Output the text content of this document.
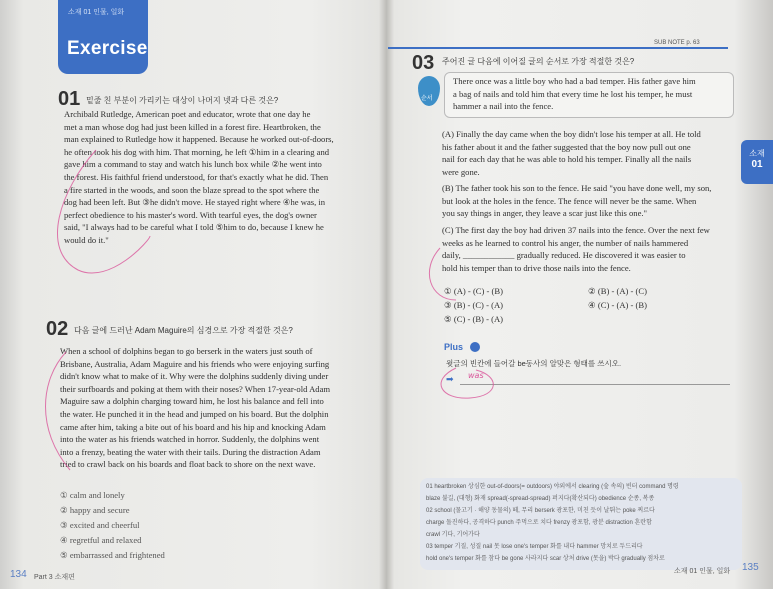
소재 01 인물, 일화
Exercise
01 밑줄 친 부분이 가리키는 대상이 나머지 넷과 다른 것은?
Archibald Rutledge, American poet and educator, wrote that one day he
met a man whose dog had just been killed in a forest fire. Heartbroken, the
man explained to Rutledge how it happened. Because he worked out-of-doors,
he often took his dog with him. That morning, he left ①him in a clearing and
gave him a command to stay and watch his lunch box while ②he went into
the forest. His faithful friend understood, for that's exactly what he did. Then
a fire started in the woods, and soon the blaze spread to the spot where the
dog had been left. But ③he didn't move. He stayed right where ④he was, in
perfect obedience to his master's word. With tearful eyes, the dog's owner
said, "I always had to be careful what I told ⑤him to do, because I knew he
would do it."
02 다음 글에 드러난 Adam Maguire의 심경으로 가장 적절한 것은?
When a school of dolphins began to go berserk in the waters just south of
Brisbane, Australia, Adam Maguire and his friends who were enjoying surfing
didn't know what to make of it. Why were the dolphins suddenly diving under
their surfboards and poking at them with their noses? When 17-year-old Adam
Maguire saw a dolphin charging toward him, he lost his balance and fell into
the water. He punched it in the head and jumped on his board. But the dolphin
came after him, taking a bite out of his board and his hip and knocking Adam
into the water as his friends watched in horror. Suddenly, the dolphins went
into a frenzy, beating the water with their tails. During the distraction Adam
tried to crawl back on his boards and float back to shore on the next wave.
① calm and lonely
② happy and secure
③ excited and cheerful
④ regretful and relaxed
⑤ embarrassed and frightened
134 Part 3 소재편
SUB NOTE p. 63
03 주어진 글 다음에 이어질 글의 순서로 가장 적절한 것은?
순서
There once was a little boy who had a bad temper. His father gave him
a bag of nails and told him that every time he lost his temper, he must
hammer a nail into the fence.
(A) Finally the day came when the boy didn't lose his temper at all. He told
his father about it and the father suggested that the boy now pull out one
nail for each day that he was able to hold his temper. Finally all the nails
were gone.
(B) The father took his son to the fence. He said "you have done well, my son,
but look at the holes in the fence. The fence will never be the same. When
you say things in anger, they leave a scar just like this one."
(C) The first day the boy had driven 37 nails into the fence. Over the next few
weeks as he learned to control his anger, the number of nails hammered
daily, ____________ gradually reduced. He discovered it was easier to
hold his temper than to drive those nails into the fence.
① (A) - (C) - (B)	② (B) - (A) - (C)
③ (B) - (C) - (A)	④ (C) - (A) - (B)
⑤ (C) - (B) - (A)
소재
01
Plus
윗글의 빈칸에 들어갈 be동사의 알맞은 형태를 쓰시오.
➡ was
01 heartbroken 상심한 out-of-doors(= outdoors) 야외에서 clearing (숲 속의) 빈터 command 명령
blaze 불길, (대형) 화재 spread(-spread-spread) 퍼지다(확산되다) obedience 순종, 복종
02 school (물고기 · 해양 동물의) 떼, 무리 berserk 광포한, 미친 듯이 날뛰는 poke 찌르다
charge 돌진하다, 공격하다 punch 주먹으로 치다 frenzy 광포함, 광분 distraction 혼란함
crawl 기다, 기어가다
03 temper 기질, 성질 nail 못 lose one's temper 화를 내다 hammer 망치로 두드리다
hold one's temper 화를 참다 be gone 사라지다 scar 상처 drive (못을) 박다 gradually 점차로
소재 01 인물, 일화 135
